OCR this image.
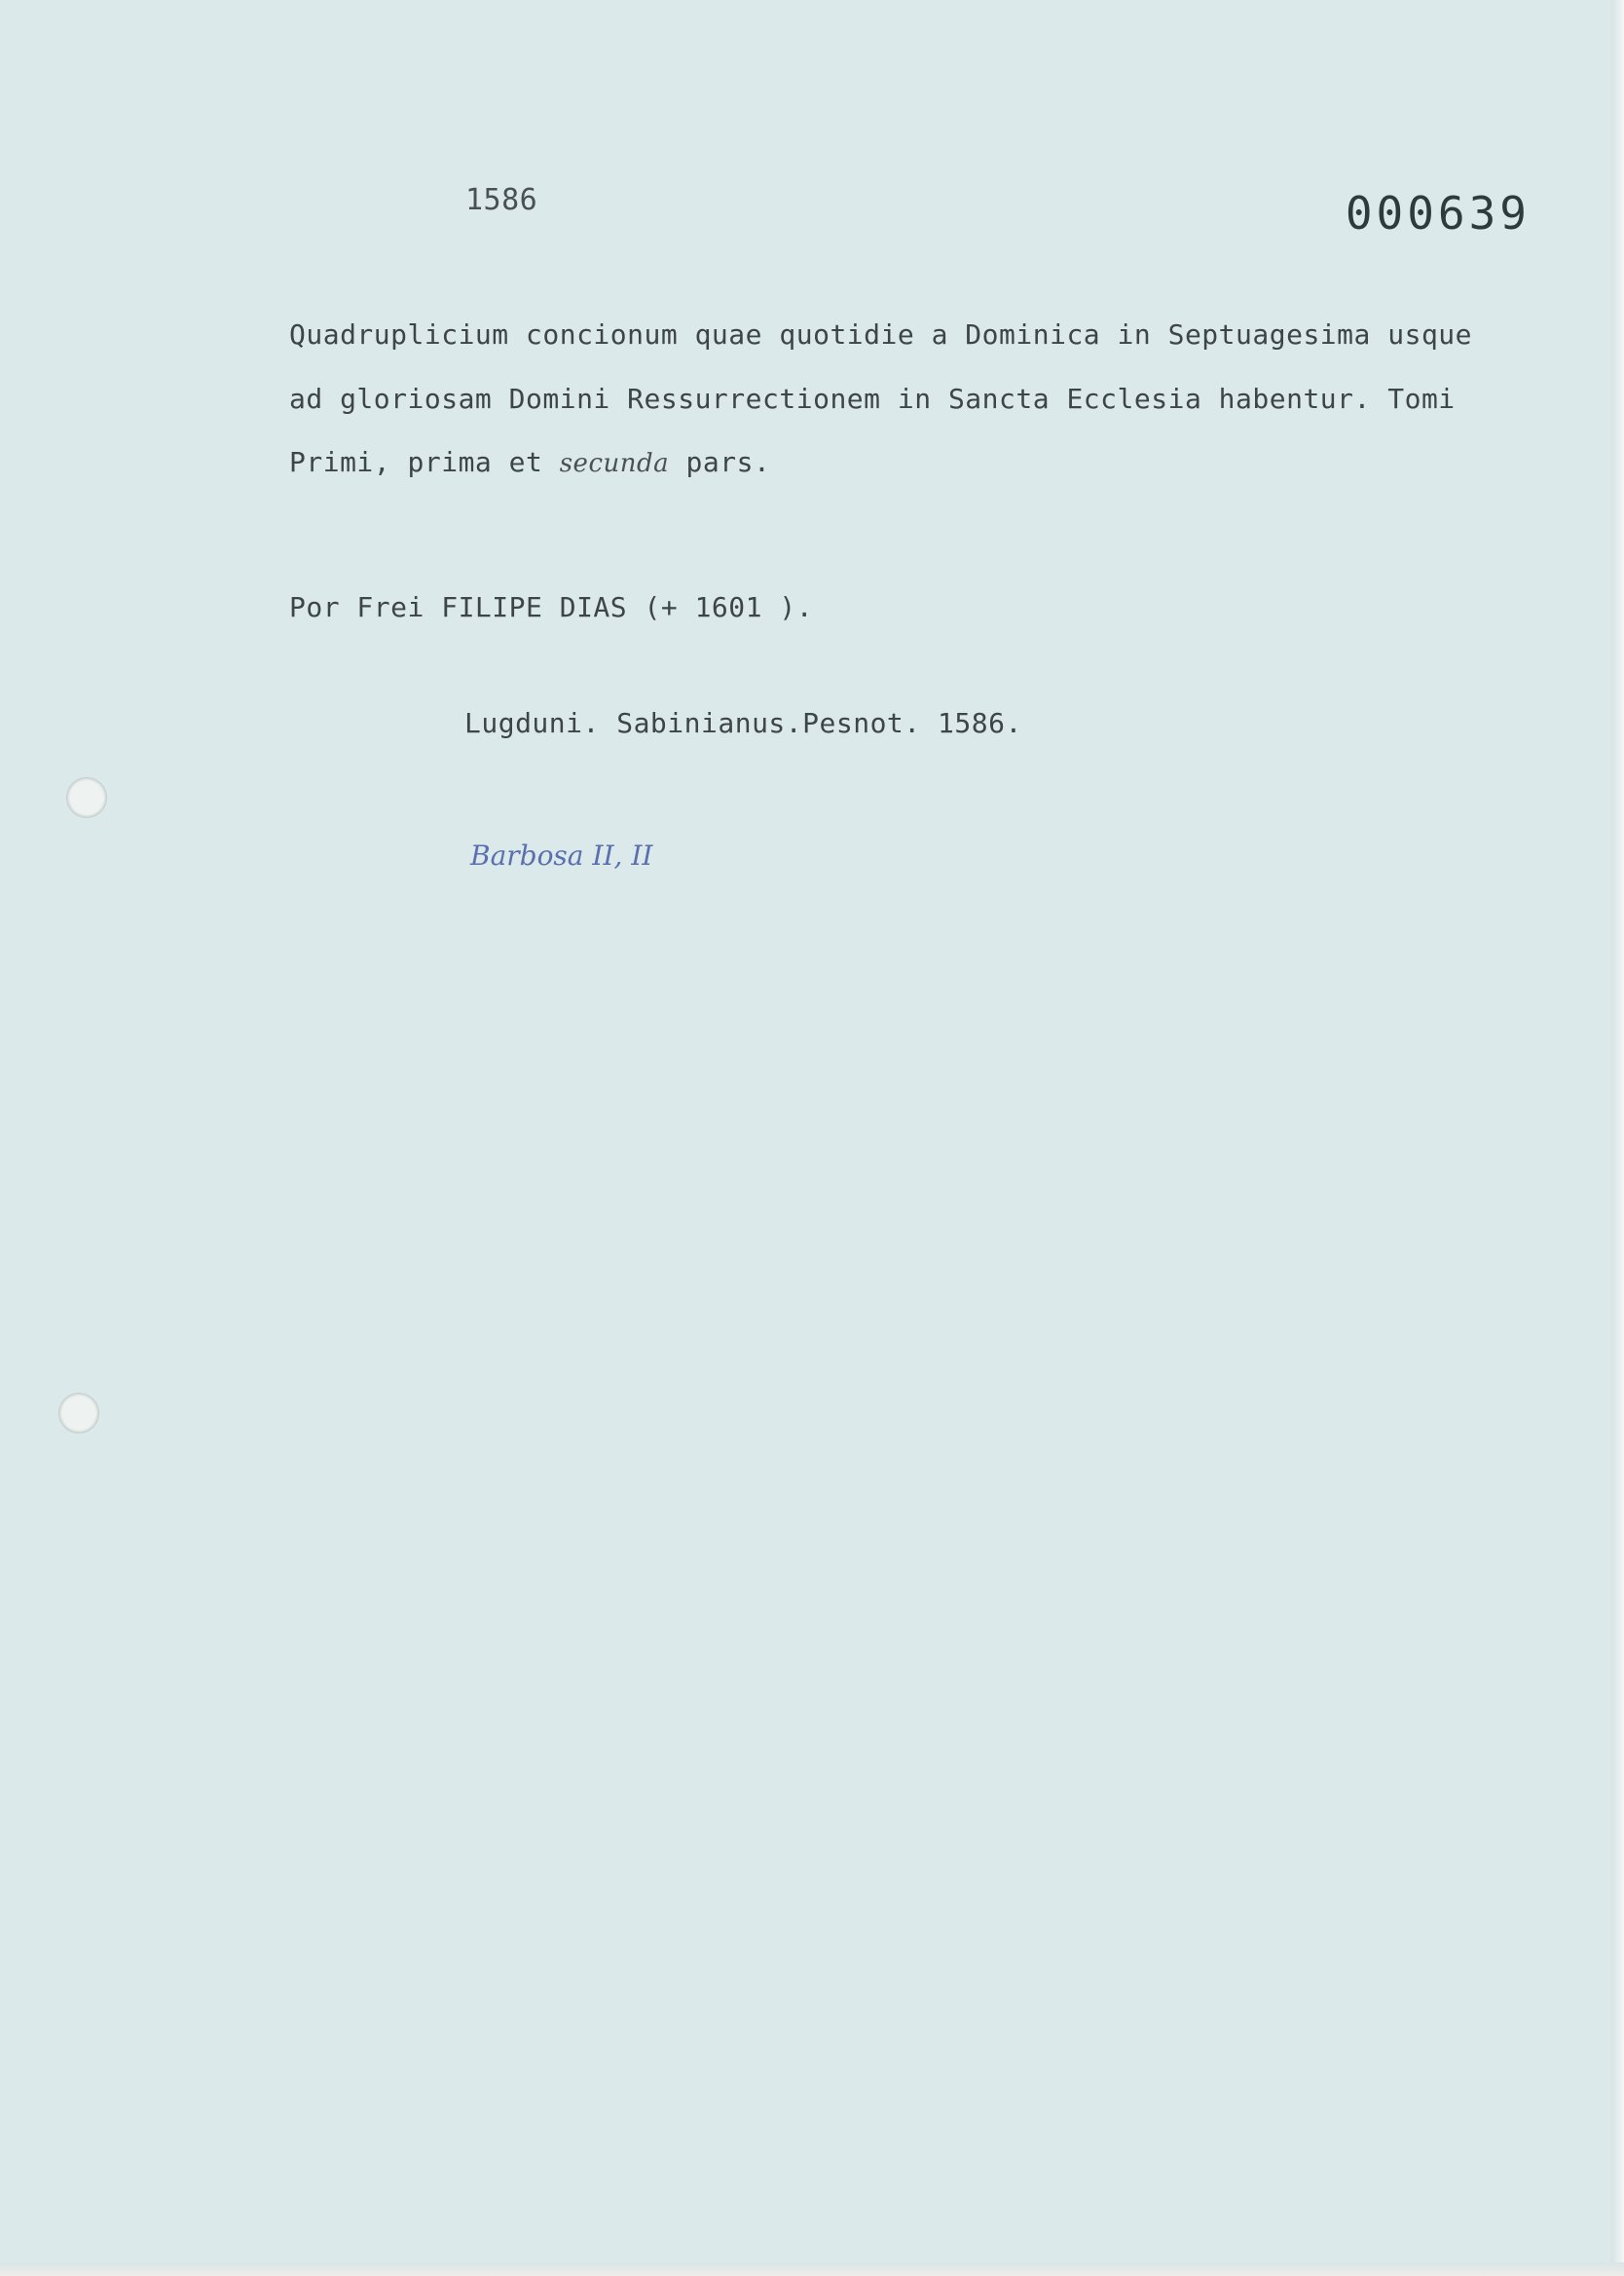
1586	000639

Quadruplicium concionum quae quotidie a Dominica in Septuagesima usque

ad gloriosam Domini Ressurrectionem in Sancta Ecclesia habentur. Tomi

Primi, prima et secunda pars.

Por Frei FILIPE DIAS (+ 1601 ).

Lugduni. Sabinianus.Pesnot. 1586.

Barbosa II, II
